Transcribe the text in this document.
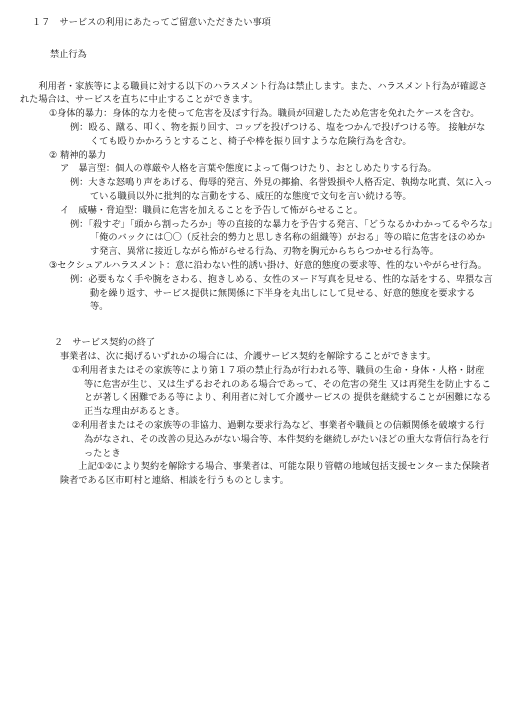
１７　サービスの利用にあたってご留意いただきたい事項

禁止行為

利用者・家族等による職員に対する以下のハラスメント行為は禁止します。また、ハラスメント行為が確認された場合は、サービスを直ちに中止することができます。

①身体的暴力：身体的な力を使って危害を及ぼす行為。職員が回避したため危害を免れたケースを含む。

例：殴る、蹴る、叩く、物を振り回す、コップを投げつける、塩をつかんで投げつける等。 接触がなくても殴りかかろうとすること、椅子や棒を振り回すような危険行為を含む。

② 精神的暴力

ア　暴言型：個人の尊厳や人格を言葉や態度によって傷つけたり、おとしめたりする行為。

例：大きな怒鳴り声をあげる、侮辱的発言、外見の揶揄、名誉毀損や人格否定、執拗な叱責、気に入っている職員以外に批判的な言動をする、威圧的な態度で文句を言い続ける等。

イ　威嚇・脅迫型：職員に危害を加えることを予告して怖がらせること。

例：「殺すぞ」「頭から割ったろか」等の直接的な暴力を予告する発言、「どうなるかわかってるやろな」「俺のバックには〇〇（反社会的勢力と思しき名称の組織等）がおる」等の暗に危害をほのめかす発言、異常に接近しながら怖がらせる行為、刃物を胸元からちらつかせる行為等。

③セクシュアルハラスメント：意に沿わない性的誘い掛け、好意的態度の要求等、性的ないやがらせ行為。

例：必要もなく手や腕をさわる、抱きしめる、女性のヌード写真を見せる、性的な話をする、卑猥な言動を繰り返す、サービス提供に無関係に下半身を丸出しにして見せる、好意的態度を要求する等。

２　サービス契約の終了

事業者は、次に掲げるいずれかの場合には、介護サービス契約を解除することができます。

①利用者またはその家族等により第１７項の禁止行為が行われる等、職員の生命・身体・人格・財産等に危害が生じ、又は生ずるおそれのある場合であって、その危害の発生 又は再発生を防止することが著しく困難である等により、利用者に対して介護サービスの 提供を継続することが困難になる正当な理由があるとき。

②利用者またはその家族等の非協力、過剰な要求行為など、事業者や職員との信頼関係を破壊する行為がなされ、その改善の見込みがない場合等、本件契約を継続しがたいほどの重大な背信行為を行ったとき

上記①②により契約を解除する場合、事業者は、可能な限り管轄の地域包括支援センターまた保険者険者である区市町村と連絡、相談を行うものとします。
